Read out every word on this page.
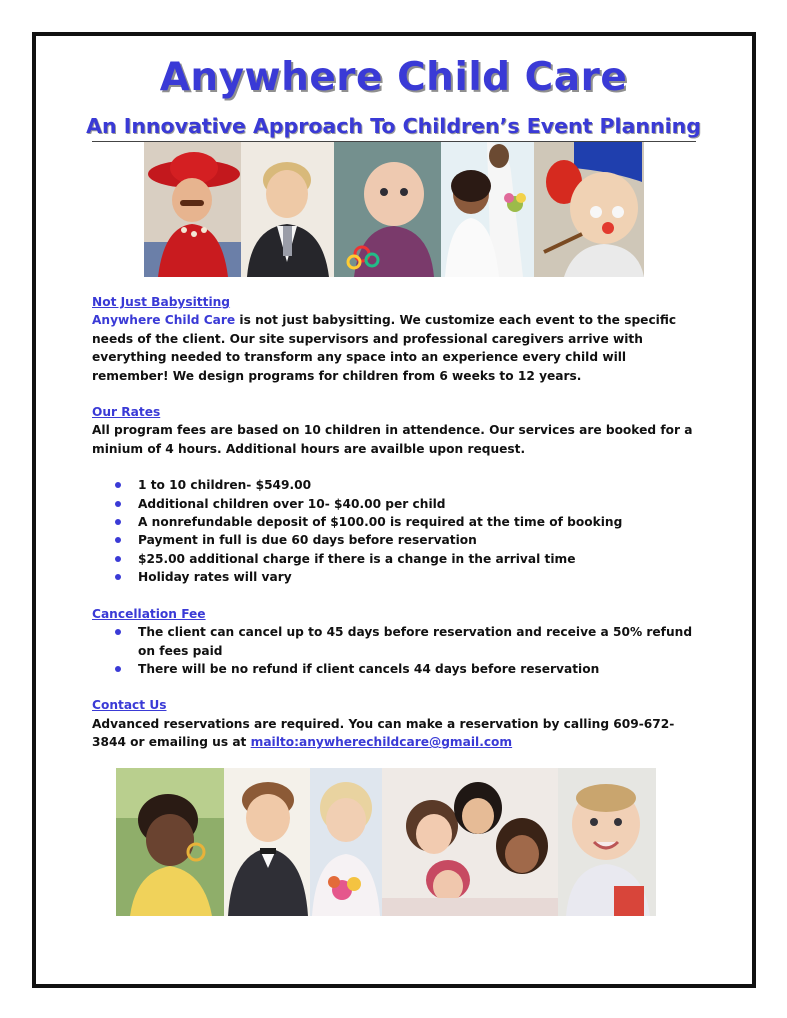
Anywhere Child Care
An Innovative Approach To Children’s Event Planning

Not Just Babysitting

Anywhere Child Care is not just babysitting. We customize each event to the specific needs of the client. Our site supervisors and professional caregivers arrive with everything needed to transform any space into an experience every child will remember! We design programs for children from 6 weeks to 12 years.

Our Rates

All program fees are based on 10 children in attendence. Our services are booked for a minium of 4 hours. Additional hours are availble upon request.

1 to 10 children- $549.00
Additional children over 10- $40.00 per child
A nonrefundable deposit of $100.00 is required at the time of booking
Payment in full is due 60 days before reservation
$25.00 additional charge if there is a change in the arrival time
Holiday rates will vary

Cancellation Fee

The client can cancel up to 45 days before reservation and receive a 50% refund on fees paid
There will be no refund if client cancels 44 days before reservation

Contact Us

Advanced reservations are required. You can make a reservation by calling 609-672-3844 or emailing us at mailto:anywherechildcare@gmail.com
